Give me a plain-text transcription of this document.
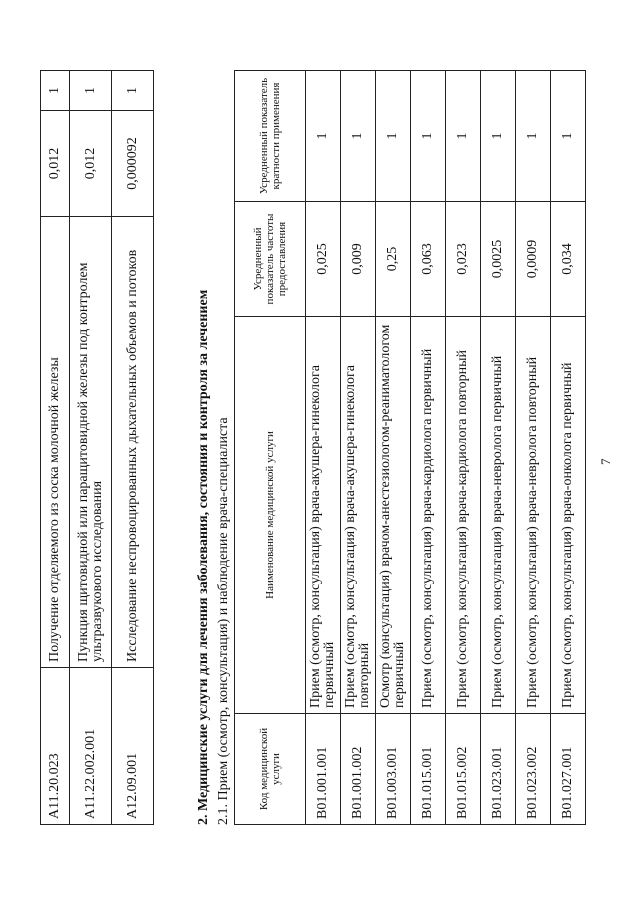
7
A11.20.023	Получение отделяемого из соска молочной железы	0,012	1
A11.22.002.001	Пункция щитовидной или паращитовидной железы под контролем ультразвукового исследования	0,012	1
A12.09.001	Исследование неспровоцированных дыхательных объемов и потоков	0,000092	1
2. Медицинские услуги для лечения заболевания, состояния и контроля за лечением 2.1. Прием (осмотр, консультация) и наблюдение врача-специалиста Код медицинской услуги	Наименование медицинской услуги	Усредненный показатель частоты предоставления	Усредненный показатель кратности применения
B01.001.001	Прием (осмотр, консультация) врача-акушера-гинеколога первичный	0,025	1
B01.001.002	Прием (осмотр, консультация) врача-акушера-гинеколога повторный	0,009	1
B01.003.001	Осмотр (консультация) врачом-анестезиологом-реаниматологом первичный	0,25	1
B01.015.001	Прием (осмотр, консультация) врача-кардиолога первичный	0,063	1
B01.015.002	Прием (осмотр, консультация) врача-кардиолога повторный	0,023	1
B01.023.001	Прием (осмотр, консультация) врача-невролога первичный	0,0025	1
B01.023.002	Прием (осмотр, консультация) врача-невролога повторный	0,0009	1
B01.027.001	Прием (осмотр, консультация) врача-онколога первичный	0,034	1
